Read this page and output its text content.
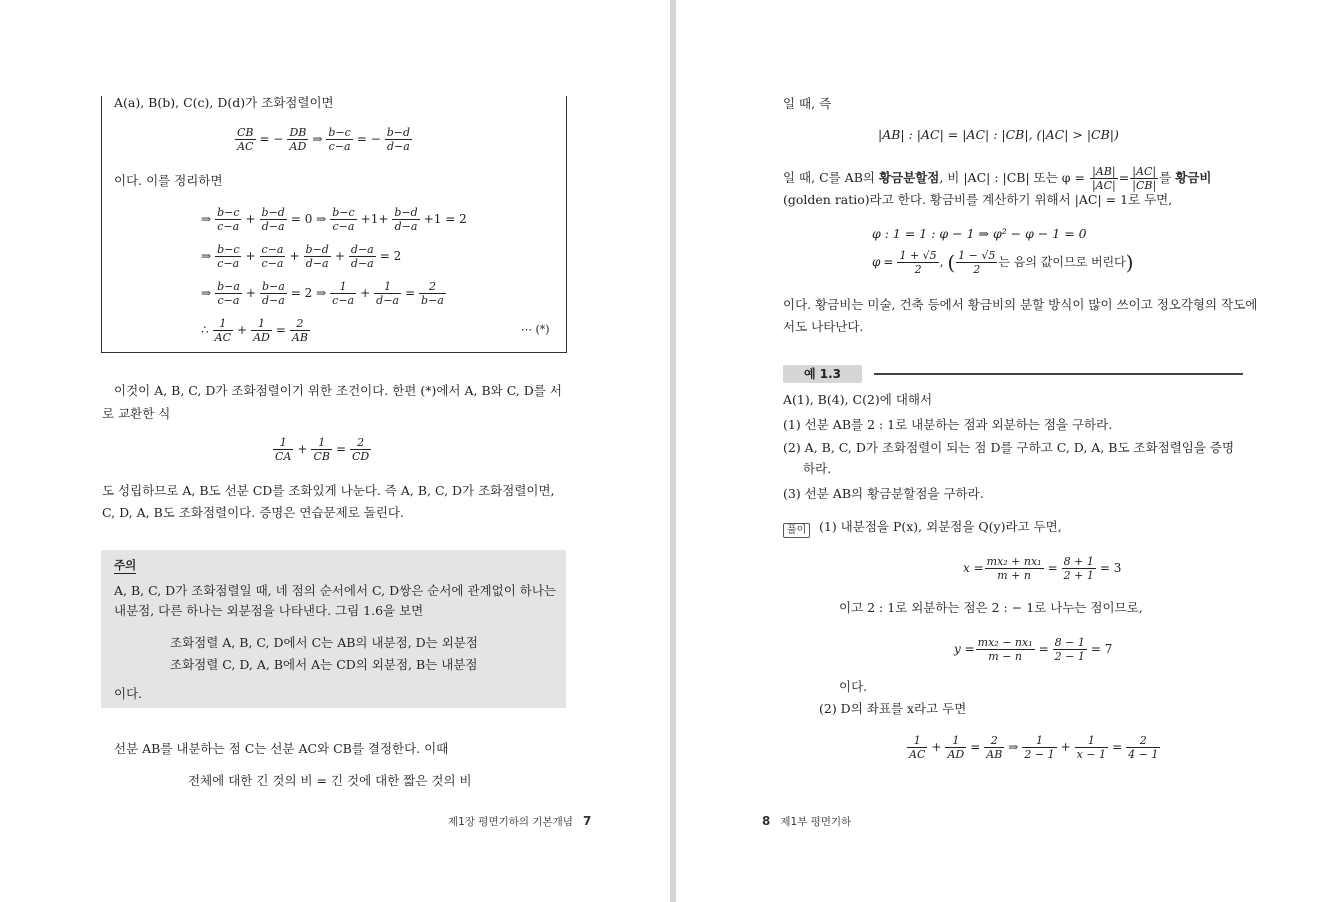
A(a), B(b), C(c), D(d)가 조화점렬이면
$\frac{CB}{AC}$ = − $\frac{DB}{AD}$ ⇒ $\frac{b-c}{c-a}$ = − $\frac{b-d}{d-a}$
이다. 이를 정리하면
⇒ $\frac{b-c}{c-a} + \frac{b-d}{d-a} = 0$ ⇒ $\frac{b-c}{c-a} +1+ \frac{b-d}{d-a} +1 = 2$
⇒ $\frac{b-c}{c-a} + \frac{c-a}{c-a} + \frac{b-d}{d-a} + \frac{d-a}{d-a} = 2$
⇒ $\frac{b-a}{c-a} + \frac{b-a}{d-a} = 2$ ⇒ $\frac{1}{c-a} + \frac{1}{d-a} = \frac{2}{b-a}$
∴ $\frac{1}{AC} + \frac{1}{AD} = \frac{2}{AB}$	⋯ (*)
이것이 A, B, C, D가 조화점렬이기 위한 조건이다. 한편 (*)에서 A, B와 C, D를 서
로 교환한 식
$\frac{1}{CA} + \frac{1}{CB} = \frac{2}{CD}$
도 성립하므로 A, B도 선분 CD를 조화있게 나눈다. 즉 A, B, C, D가 조화점렬이면,
C, D, A, B도 조화점렬이다. 증명은 연습문제로 돌린다.
주의
A, B, C, D가 조화점렬일 때, 네 점의 순서에서 C, D쌍은 순서에 관계없이 하나는
내분점, 다른 하나는 외분점을 나타낸다. 그림 1.6을 보면
조화점렬 A, B, C, D에서 C는 AB의 내분점, D는 외분점
조화점렬 C, D, A, B에서 A는 CD의 외분점, B는 내분점
이다.
선분 AB를 내분하는 점 C는 선분 AC와 CB를 결정한다. 이때
전체에 대한 긴 것의 비 = 긴 것에 대한 짧은 것의 비
제1장 평면기하의 기본개념 7
일 때, 즉
|AB| : |AC| = |AC| : |CB|, (|AC| > |CB|)
일 때, C를 AB의 황금분할점, 비 |AC| : |CB| 또는 $\varphi = \frac{|AB|}{|AC|} = \frac{|AC|}{|CB|}$ 를 황금비
(golden ratio)라고 한다. 황금비를 계산하기 위해서 |AC| = 1로 두면,
φ : 1 = 1 : φ − 1 ⇒ φ² − φ − 1 = 0
$\varphi = \frac{1 + √5}{2}$ , ( $\frac{1 - √5}{2}$ 는 음의 값이므로 버린다)
이다. 황금비는 미술, 건축 등에서 황금비의 분할 방식이 많이 쓰이고 정오각형의 작도에
서도 나타난다.
예 1.3
A(1), B(4), C(2)에 대해서
(1) 선분 AB를 2 : 1로 내분하는 점과 외분하는 점을 구하라.
(2) A, B, C, D가 조화점렬이 되는 점 D를 구하고 C, D, A, B도 조화점렬임을 증명
하라.
(3) 선분 AB의 황금분할점을 구하라.
풀이	(1) 내분점을 P(x), 외분점을 Q(y)라고 두면,
$x = \frac{\text{mx₂ + nx₁}}{m + n} = \frac{8 + 1}{2 + 1} = 3$
이고 2 : 1로 외분하는 점은 2 : − 1로 나누는 점이므로,
$y = \frac{\text{mx₂ − nx₁}}{m - n} = \frac{8 - 1}{2 - 1} = 7$
이다.
(2) D의 좌표를 x라고 두면
$\frac{1}{AC} + \frac{1}{AD} = \frac{2}{AB}$ ⇒ $\frac{1}{2 - 1} + \frac{1}{x - 1} = \frac{2}{4 - 1}$
8 제1부 평면기하
